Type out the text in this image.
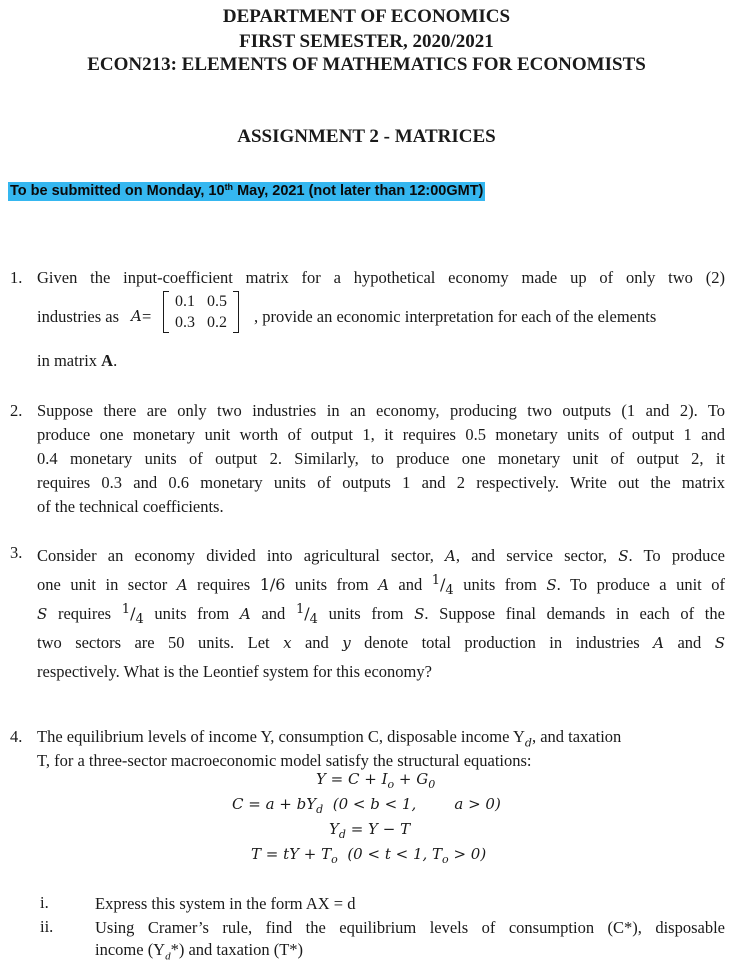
DEPARTMENT OF ECONOMICS
FIRST SEMESTER, 2020/2021
ECON213: ELEMENTS OF MATHEMATICS FOR ECONOMISTS
ASSIGNMENT 2 - MATRICES
To be submitted on Monday, 10th May, 2021 (not later than 12:00GMT)
1. Given the input-coefficient matrix for a hypothetical economy made up of only two (2)
industries as A =
0.1	0.5
0.3	0.2 , provide an economic interpretation for each of the elements
in matrix A.
2. Suppose there are only two industries in an economy, producing two outputs (1 and 2). To
produce one monetary unit worth of output 1, it requires 0.5 monetary units of output 1 and
0.4 monetary units of output 2. Similarly, to produce one monetary unit of output 2, it
requires 0.3 and 0.6 monetary units of outputs 1 and 2 respectively. Write out the matrix
of the technical coefficients.
3. Consider an economy divided into agricultural sector, A, and service sector, S. To produce
one unit in sector A requires 1/6 units from A and $^1/_4$ units from S. To produce a unit of
S requires $^1/_4$ units from A and $^1/_4$ units from S. Suppose final demands in each of the
two sectors are 50 units. Let x and y denote total production in industries A and S
respectively. What is the Leontief system for this economy?
4. The equilibrium levels of income Y, consumption C, disposable income $Y_d$, and taxation
T, for a three-sector macroeconomic model satisfy the structural equations:
$Y = C + I_o + G_0$
$C = a + bY_d$  (0 < b < 1,        a > 0)
$Y_d = Y - T$
T = tY + $T_o$  (0 < t < 1, $T_o > 0$)
i.	Express this system in the form AX = d
ii.	Using Cramer’s rule, find the equilibrium levels of consumption (C*), disposable
income $(Y_d*)$ and taxation (T*)
